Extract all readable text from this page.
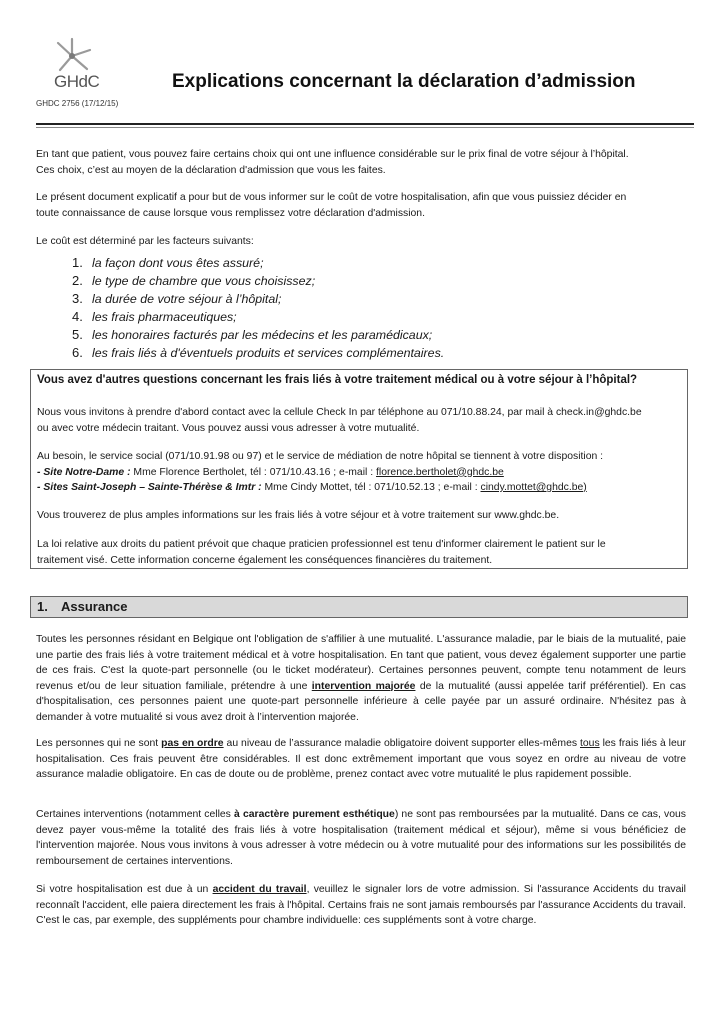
GHdC
GHDC 2756 (17/12/15)
Explications concernant la déclaration d’admission

En tant que patient, vous pouvez faire certains choix qui ont une influence considérable sur le prix final de votre séjour à l’hôpital.
Ces choix, c’est au moyen de la déclaration d'admission que vous les faites.

Le présent document explicatif a pour but de vous informer sur le coût de votre hospitalisation, afin que vous puissiez décider en
toute connaissance de cause lorsque vous remplissez votre déclaration d'admission.

Le coût est déterminé par les facteurs suivants:

1. la façon dont vous êtes assuré;
2. le type de chambre que vous choisissez;
3. la durée de votre séjour à l’hôpital;
4. les frais pharmaceutiques;
5. les honoraires facturés par les médecins et les paramédicaux;
6. les frais liés à d'éventuels produits et services complémentaires.
Vous avez d'autres questions concernant les frais liés à votre traitement médical ou à votre séjour à l’hôpital?

Nous vous invitons à prendre d'abord contact avec la cellule Check In par téléphone au 071/10.88.24, par mail à check.in@ghdc.be
ou avec votre médecin traitant. Vous pouvez aussi vous adresser à votre mutualité.

Au besoin, le service social (071/10.91.98 ou 97) et le service de médiation de notre hôpital se tiennent à votre disposition :
- Site Notre-Dame : Mme Florence Bertholet, tél : 071/10.43.16 ; e-mail : florence.bertholet@ghdc.be
- Sites Saint-Joseph – Sainte-Thérèse & Imtr : Mme Cindy Mottet, tél : 071/10.52.13 ; e-mail : cindy.mottet@ghdc.be)

Vous trouverez de plus amples informations sur les frais liés à votre séjour et à votre traitement sur www.ghdc.be.

La loi relative aux droits du patient prévoit que chaque praticien professionnel est tenu d'informer clairement le patient sur le
traitement visé. Cette information concerne également les conséquences financières du traitement.

1. Assurance

Toutes les personnes résidant en Belgique ont l'obligation de s'affilier à une mutualité. L'assurance maladie, par le biais de la mutualité, paie une partie des frais liés à votre traitement médical et à votre hospitalisation. En tant que patient, vous devez également supporter une partie de ces frais. C'est la quote-part personnelle (ou le ticket modérateur). Certaines personnes peuvent, compte tenu notamment de leurs revenus et/ou de leur situation familiale, prétendre à une intervention majorée de la mutualité (aussi appelée tarif préférentiel). En cas d'hospitalisation, ces personnes paient une quote-part personnelle inférieure à celle payée par un assuré ordinaire. N'hésitez pas à demander à votre mutualité si vous avez droit à l’intervention majorée.

Les personnes qui ne sont pas en ordre au niveau de l’assurance maladie obligatoire doivent supporter elles-mêmes tous les frais liés à leur hospitalisation. Ces frais peuvent être considérables. Il est donc extrêmement important que vous soyez en ordre au niveau de votre assurance maladie obligatoire. En cas de doute ou de problème, prenez contact avec votre mutualité le plus rapidement possible.

Certaines interventions (notamment celles à caractère purement esthétique) ne sont pas remboursées par la mutualité. Dans ce cas, vous devez payer vous-même la totalité des frais liés à votre hospitalisation (traitement médical et séjour), même si vous bénéficiez de l'intervention majorée. Nous vous invitons à vous adresser à votre médecin ou à votre mutualité pour des informations sur les possibilités de remboursement de certaines interventions.

Si votre hospitalisation est due à un accident du travail, veuillez le signaler lors de votre admission. Si l'assurance Accidents du travail reconnaît l'accident, elle paiera directement les frais à l'hôpital. Certains frais ne sont jamais remboursés par l'assurance Accidents du travail. C'est le cas, par exemple, des suppléments pour chambre individuelle: ces suppléments sont à votre charge.
